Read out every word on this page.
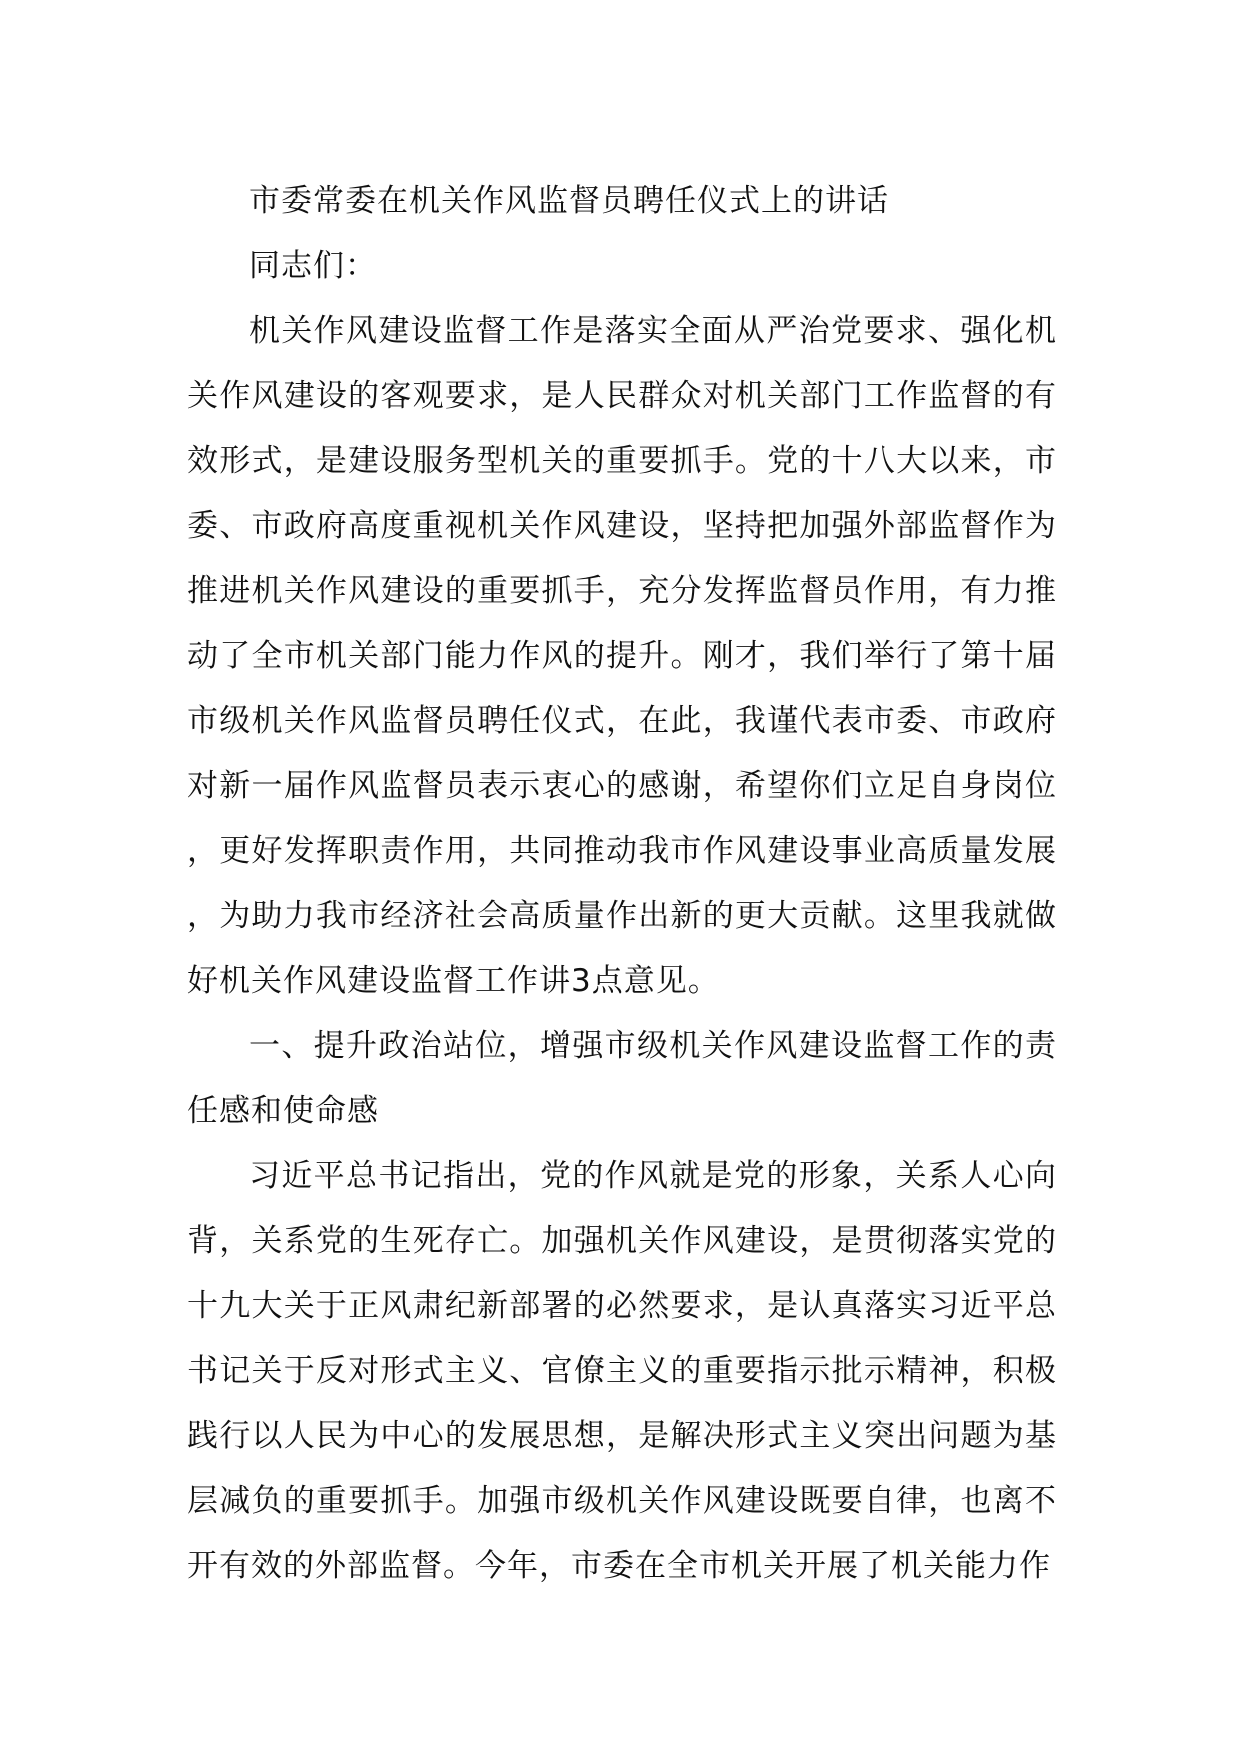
市委常委在机关作风监督员聘任仪式上的讲话

同志们：

机关作风建设监督工作是落实全面从严治党要求、强化机关作风建设的客观要求，是人民群众对机关部门工作监督的有效形式，是建设服务型机关的重要抓手。党的十八大以来，市委、市政府高度重视机关作风建设，坚持把加强外部监督作为推进机关作风建设的重要抓手，充分发挥监督员作用，有力推动了全市机关部门能力作风的提升。刚才，我们举行了第十届市级机关作风监督员聘任仪式，在此，我谨代表市委、市政府对新一届作风监督员表示衷心的感谢，希望你们立足自身岗位，更好发挥职责作用，共同推动我市作风建设事业高质量发展，为助力我市经济社会高质量作出新的更大贡献。这里我就做好机关作风建设监督工作讲3点意见。

一、提升政治站位，增强市级机关作风建设监督工作的责任感和使命感

习近平总书记指出，党的作风就是党的形象，关系人心向背，关系党的生死存亡。加强机关作风建设，是贯彻落实党的十九大关于正风肃纪新部署的必然要求，是认真落实习近平总书记关于反对形式主义、官僚主义的重要指示批示精神，积极践行以人民为中心的发展思想，是解决形式主义突出问题为基层减负的重要抓手。加强市级机关作风建设既要自律，也离不开有效的外部监督。今年，市委在全市机关开展了机关能力作
